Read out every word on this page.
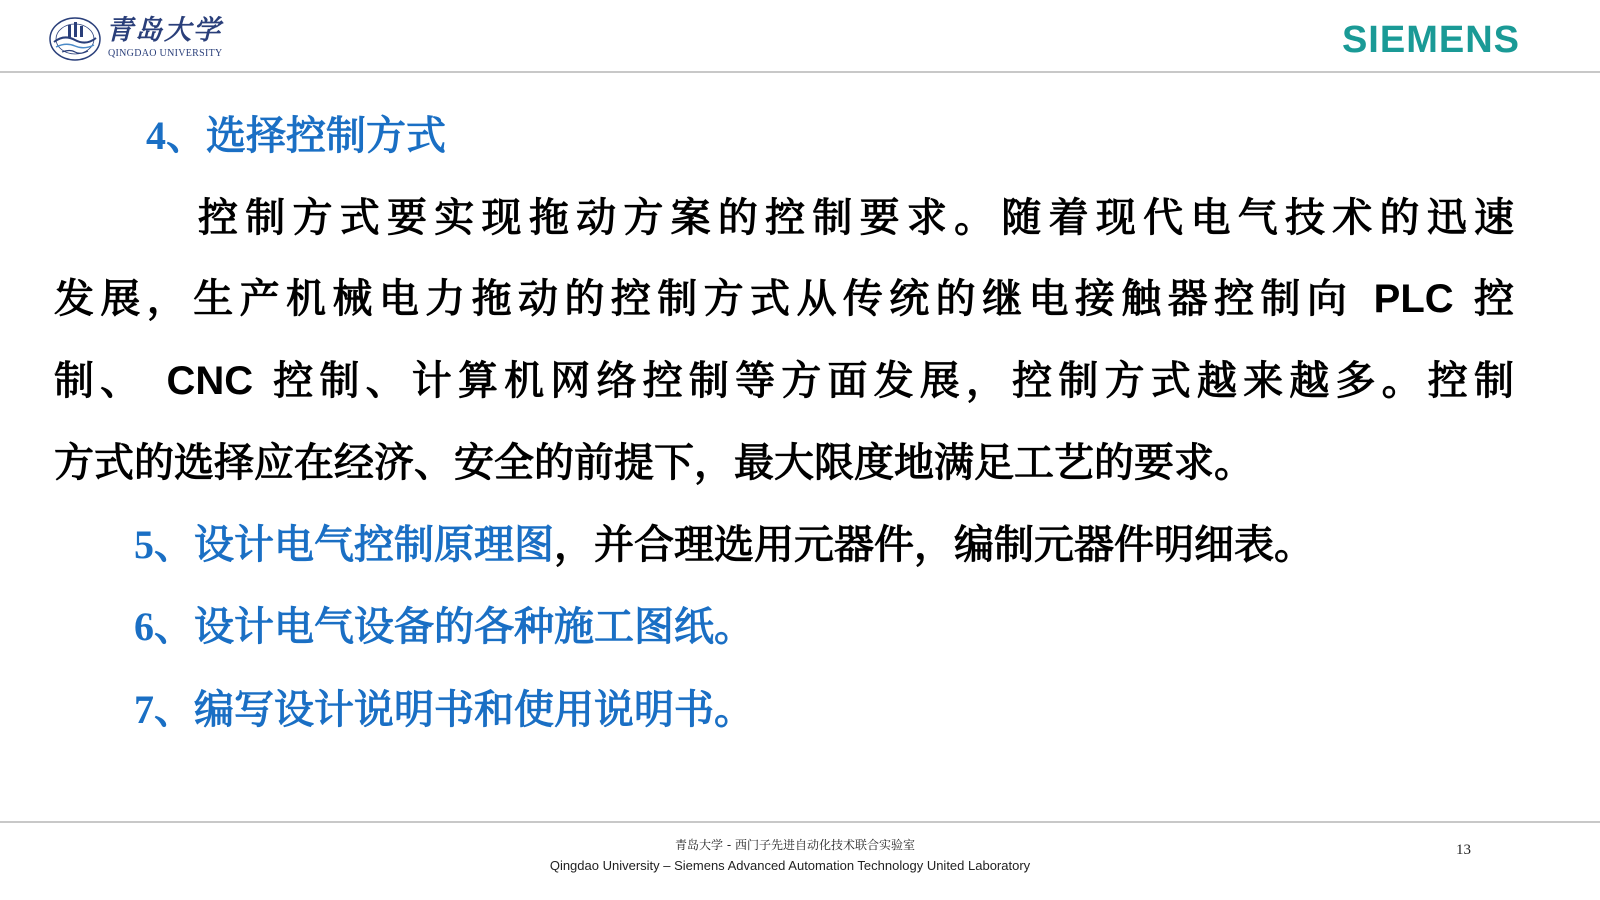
青岛大学
QINGDAO UNIVERSITY	SIEMENS
4、选择控制方式
控制方式要实现拖动方案的控制要求。随着现代电气技术的迅速
发展，生产机械电力拖动的控制方式从传统的继电接触器控制向 PLC 控
制、 CNC 控制、计算机网络控制等方面发展，控制方式越来越多。控制
方式的选择应在经济、安全的前提下，最大限度地满足工艺的要求。
5、设计电气控制原理图，并合理选用元器件，编制元器件明细表。
6、设计电气设备的各种施工图纸。
7、编写设计说明书和使用说明书。
青岛大学 - 西门子先进自动化技术联合实验室
Qingdao University – Siemens Advanced Automation Technology United Laboratory
13
